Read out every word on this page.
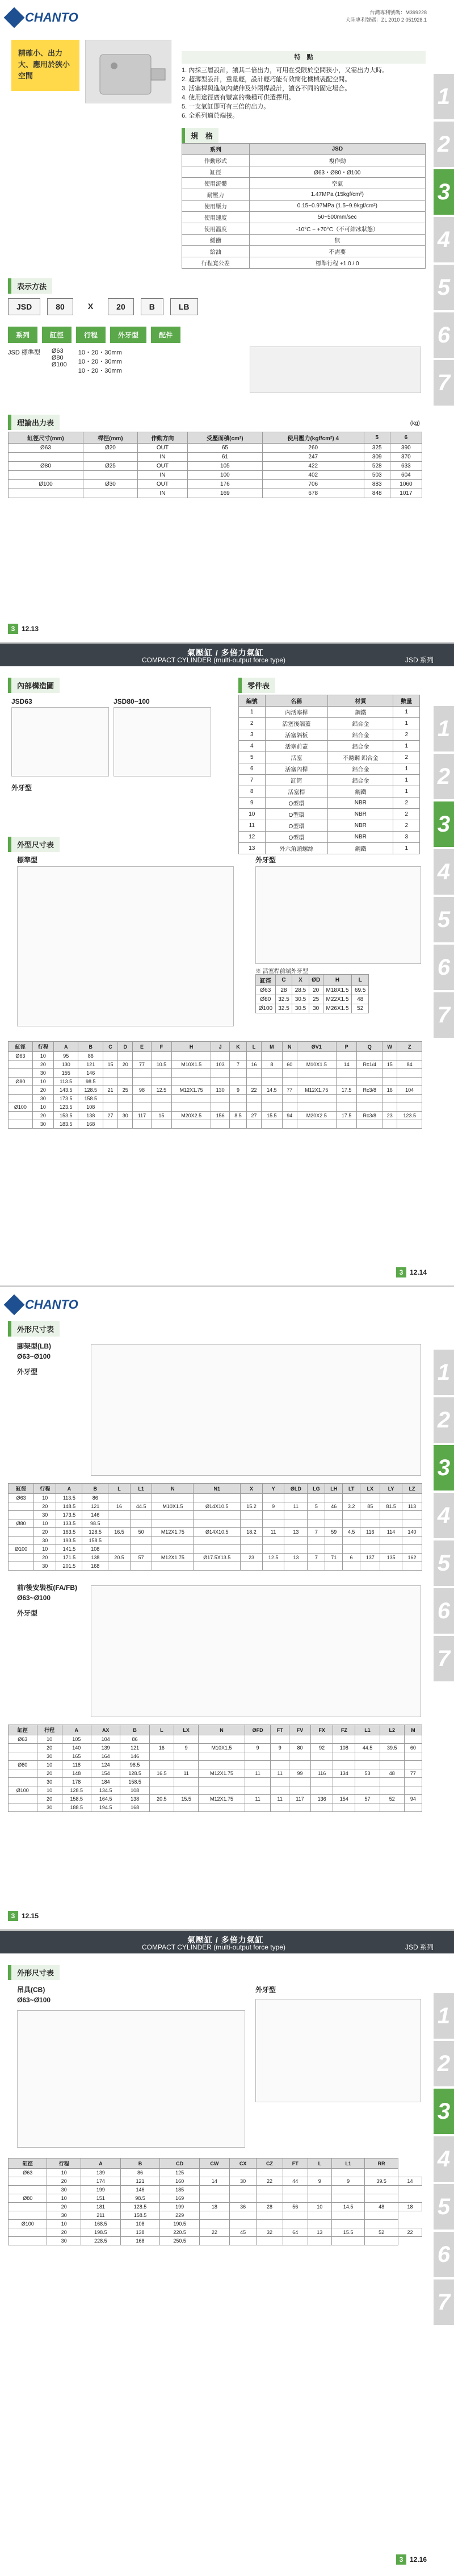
CHANTO	台灣專利號碼：M399228
大陸專利號碼：ZL 2010 2 051928.1
精確小、出力大、應用於狹小空間
1
2
3
4
5
6
7
特　點
1. 內採三層設計，讓其二倍出力，可用在受限於空間狹小，又需出力大時。
2. 超薄型設計，重量輕，設計輕巧能有效簡化機械裝配空間。
3. 活塞桿與進氣內藏伸及外兩桿設計，讓各不同的固定場合。
4. 使用途徑廣有豐富的機種可供選擇用。
5. 一支氣缸即可有三倍的出力。
6. 全系列適於端接。
規　格
系列	JSD
作動形式	複作動
缸徑	Ø63・Ø80・Ø100
使用流體	空氣
耐壓力	1.47MPa (15kgf/cm²)
使用壓力	0.15~0.97MPa (1.5~9.9kgf/cm²)
使用速度	50~500mm/sec
使用溫度	-10°C ~ +70°C（不可結冰狀態）
緩衝	無
給油	不需要
行程寬公差	標準行程 +1.0 / 0
表示方法
JSD	80	X	20	B	LB
系列	缸徑	行程	外牙型	配件
JSD 標準型 Ø63
Ø80
Ø100
10・20・30mm
10・20・30mm
10・20・30mm
理論出力表	(kg)
缸徑尺寸(mm)	桿徑(mm)	作動方向	受壓面積(cm²)	使用壓力(kgf/cm²) 4	5	6
Ø63	Ø20	OUT	65	260	325	390
		IN	61	247	309	370
Ø80	Ø25	OUT	105	422	528	633
		IN	100	402	503	604
Ø100	Ø30	OUT	176	706	883	1060
		IN	169	678	848	1017
3 12.13
氣壓缸 / 多倍力氣缸
COMPACT CYLINDER (multi-output force type)	JSD 系列
1
2
3
4
5
6
7
內部構造圖
JSD63	JSD80~100
外牙型
零件表
編號	名稱	材質	數量
1	內活塞桿	鋼鐵	1
2	活塞後端蓋	鋁合金	1
3	活塞隔板	鋁合金	2
4	活塞前蓋	鋁合金	1
5	活塞	不銹鋼 鋁合金	2
6	活塞內桿	鋁合金	1
7	缸筒	鋁合金	1
8	活塞桿	鋼鐵	1
9	O型環	NBR	2
10	O型環	NBR	2
11	O型環	NBR	2
12	O型環	NBR	3
13	外六角頭螺絲	鋼鐵	1
外型尺寸表
標準型	外牙型
※ 活塞桿前端外牙型
缸徑	C	X	ØD	H	L
Ø63	28	28.5	20	M18X1.5	69.5
Ø80	32.5	30.5	25	M22X1.5	48
Ø100	32.5	30.5	30	M26X1.5	52
缸徑	行程	A	B	C	D	E	F	H	J	K	L	M	N	ØV1	P	Q	W	Z
Ø63	10	95	86															
	20	130	121	15	20	77	10.5	M10X1.5	103	7	16	8	60	M10X1.5	14	Rc1/4	15	84
	30	155	146															
Ø80	10	113.5	98.5															
	20	143.5	128.5	21	25	98	12.5	M12X1.75	130	9	22	14.5	77	M12X1.75	17.5	Rc3/8	16	104
	30	173.5	158.5															
Ø100	10	123.5	108															
	20	153.5	138	27	30	117	15	M20X2.5	156	8.5	27	15.5	94	M20X2.5	17.5	Rc3/8	23	123.5
	30	183.5	168															
3 12.14
CHANTO
1
2
3
4
5
6
7
外形尺寸表
腳架型(LB)
Ø63~Ø100
外牙型
缸徑	行程	A	B	L	L1	N	N1	X	Y	ØLD	LG	LH	LT	LX	LY	LZ
Ø63	10	113.5	86													
	20	148.5	121	16	44.5	M10X1.5	Ø14X10.5	15.2	9	11	5	46	3.2	85	81.5	113
	30	173.5	146													
Ø80	10	133.5	98.5													
	20	163.5	128.5	16.5	50	M12X1.75	Ø14X10.5	18.2	11	13	7	59	4.5	116	114	140
	30	193.5	158.5													
Ø100	10	141.5	108													
	20	171.5	138	20.5	57	M12X1.75	Ø17.5X13.5	23	12.5	13	7	71	6	137	135	162
	30	201.5	168													
前/後安裝板(FA/FB)
Ø63~Ø100
外牙型
缸徑	行程	A	AX	B	L	LX	N	ØFD	FT	FV	FX	FZ	L1	L2	M
Ø63	10	105	104	86											
	20	140	139	121	16	9	M10X1.5	9	9	80	92	108	44.5	39.5	60
	30	165	164	146											
Ø80	10	118	124	98.5											
	20	148	154	128.5	16.5	11	M12X1.75	11	11	99	116	134	53	48	77
	30	178	184	158.5											
Ø100	10	128.5	134.5	108											
	20	158.5	164.5	138	20.5	15.5	M12X1.75	11	11	117	136	154	57	52	94
	30	188.5	194.5	168											
3 12.15
氣壓缸 / 多倍力氣缸
COMPACT CYLINDER (multi-output force type)	JSD 系列
1
2
3
4
5
6
7
外形尺寸表
吊具(CB)
Ø63~Ø100
外牙型
缸徑	行程	A	B	CD	CW	CX	CZ	FT	L	L1	RR	
Ø63	10	139	86	125								
	20	174	121	160	14	30	22	44	9	9	39.5	14
	30	199	146	185								
Ø80	10	151	98.5	169								
	20	181	128.5	199	18	36	28	56	10	14.5	48	18
	30	211	158.5	229								
Ø100	10	168.5	108	190.5								
	20	198.5	138	220.5	22	45	32	64	13	15.5	52	22
	30	228.5	168	250.5								
3 12.16
